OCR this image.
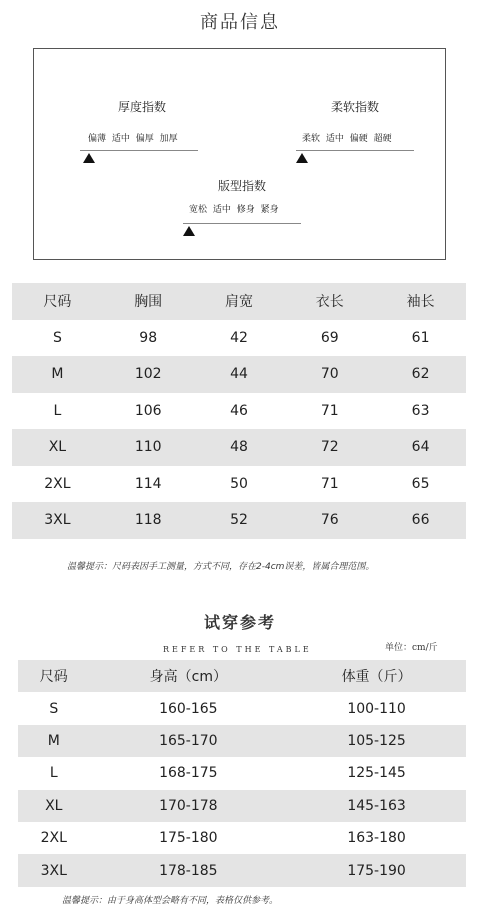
商品信息
厚度指数
偏薄 适中 偏厚 加厚
柔软指数
柔软 适中 偏硬 超硬
版型指数
宽松 适中 修身 紧身
尺码	胸围	肩宽	衣长	袖长
S	98	42	69	61
M	102	44	70	62
L	106	46	71	63
XL	110	48	72	64
2XL	114	50	71	65
3XL	118	52	76	66
温馨提示：尺码表因手工测量，方式不同，存在2-4cm误差，皆属合理范围。
试穿参考
REFER TO THE TABLE	单位：cm/斤
尺码	身高（cm）	体重（斤）
S	160-165	100-110
M	165-170	105-125
L	168-175	125-145
XL	170-178	145-163
2XL	175-180	163-180
3XL	178-185	175-190
温馨提示：由于身高体型会略有不同，表格仅供参考。
